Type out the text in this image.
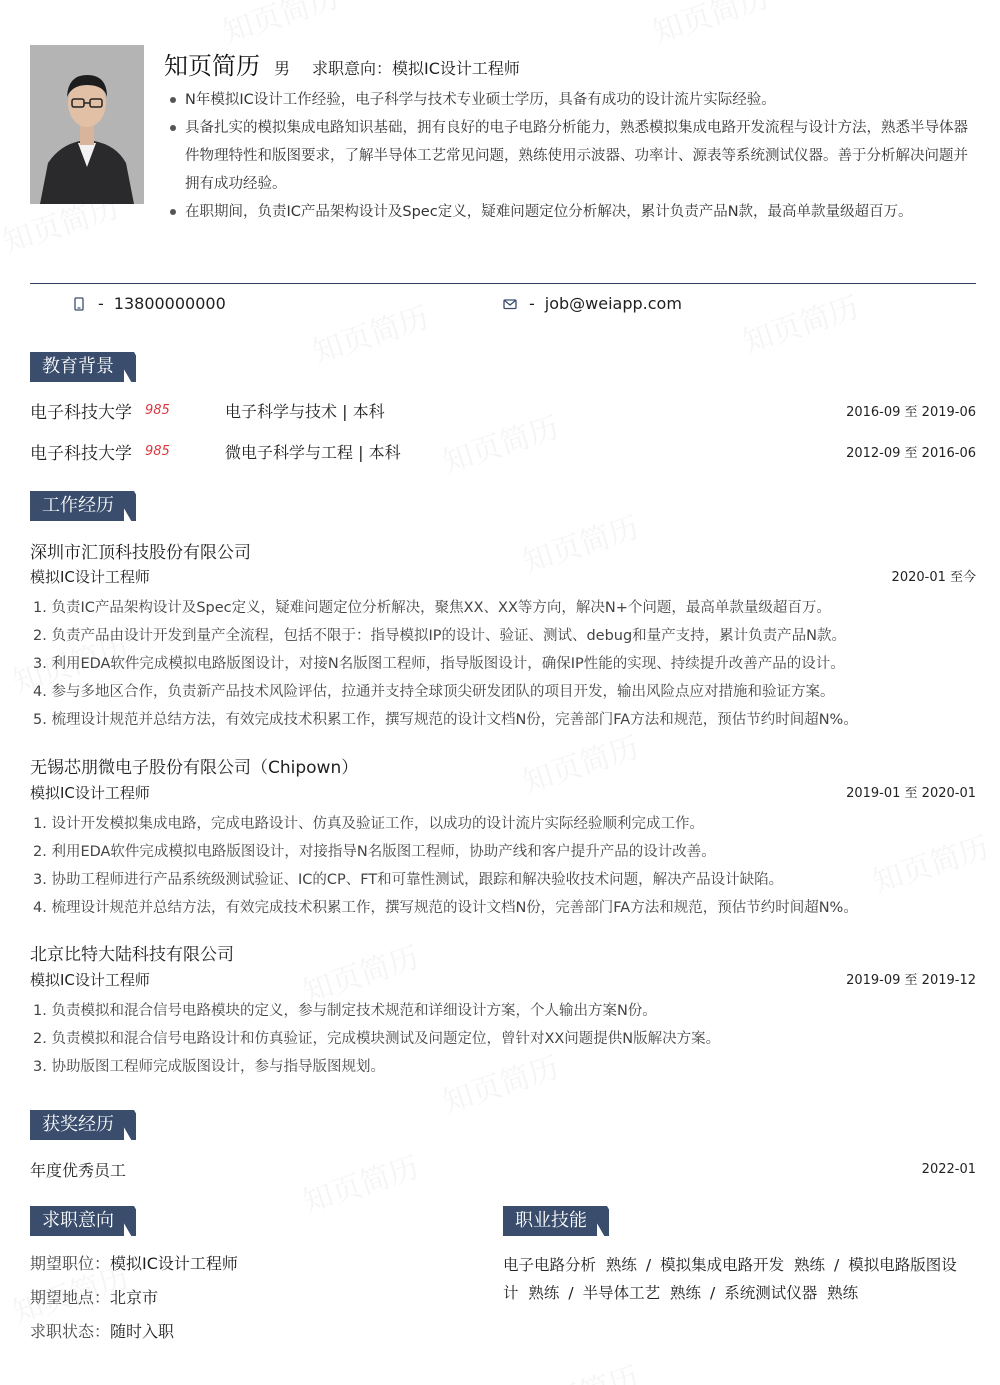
知页简历 男 求职意向：模拟IC设计工程师
N年模拟IC设计工作经验，电子科学与技术专业硕士学历，具备有成功的设计流片实际经验。
具备扎实的模拟集成电路知识基础，拥有良好的电子电路分析能力，熟悉模拟集成电路开发流程与设计方法，熟悉半导体器件物理特性和版图要求，了解半导体工艺常见问题，熟练使用示波器、功率计、源表等系统测试仪器。善于分析解决问题并拥有成功经验。
在职期间，负责IC产品架构设计及Spec定义，疑难问题定位分析解决，累计负责产品N款，最高单款量级超百万。
- 13800000000	- job@weiapp.com
教育背景
电子科技大学	985	电子科学与技术 | 本科	2016-09 至 2019-06
电子科技大学	985	微电子科学与工程 | 本科	2012-09 至 2016-06
工作经历
深圳市汇顶科技股份有限公司
模拟IC设计工程师	2020-01 至今
1. 负责IC产品架构设计及Spec定义，疑难问题定位分析解决，聚焦XX、XX等方向，解决N+个问题，最高单款量级超百万。
2. 负责产品由设计开发到量产全流程，包括不限于：指导模拟IP的设计、验证、测试、debug和量产支持，累计负责产品N款。
3. 利用EDA软件完成模拟电路版图设计，对接N名版图工程师，指导版图设计，确保IP性能的实现、持续提升改善产品的设计。
4. 参与多地区合作，负责新产品技术风险评估，拉通并支持全球顶尖研发团队的项目开发，输出风险点应对措施和验证方案。
5. 梳理设计规范并总结方法，有效完成技术积累工作，撰写规范的设计文档N份，完善部门FA方法和规范，预估节约时间超N%。
无锡芯朋微电子股份有限公司（Chipown）
模拟IC设计工程师	2019-01 至 2020-01
1. 设计开发模拟集成电路，完成电路设计、仿真及验证工作，以成功的设计流片实际经验顺利完成工作。
2. 利用EDA软件完成模拟电路版图设计，对接指导N名版图工程师，协助产线和客户提升产品的设计改善。
3. 协助工程师进行产品系统级测试验证、IC的CP、FT和可靠性测试，跟踪和解决验收技术问题，解决产品设计缺陷。
4. 梳理设计规范并总结方法，有效完成技术积累工作，撰写规范的设计文档N份，完善部门FA方法和规范，预估节约时间超N%。
北京比特大陆科技有限公司
模拟IC设计工程师	2019-09 至 2019-12
1. 负责模拟和混合信号电路模块的定义，参与制定技术规范和详细设计方案，个人输出方案N份。
2. 负责模拟和混合信号电路设计和仿真验证，完成模块测试及问题定位，曾针对XX问题提供N版解决方案。
3. 协助版图工程师完成版图设计，参与指导版图规划。
获奖经历
年度优秀员工	2022-01
求职意向
期望职位： 模拟IC设计工程师
期望地点： 北京市
求职状态： 随时入职
职业技能
电子电路分析 熟练 / 模拟集成电路开发 熟练 / 模拟电路版图设计 熟练 / 半导体工艺 熟练 / 系统测试仪器 熟练
